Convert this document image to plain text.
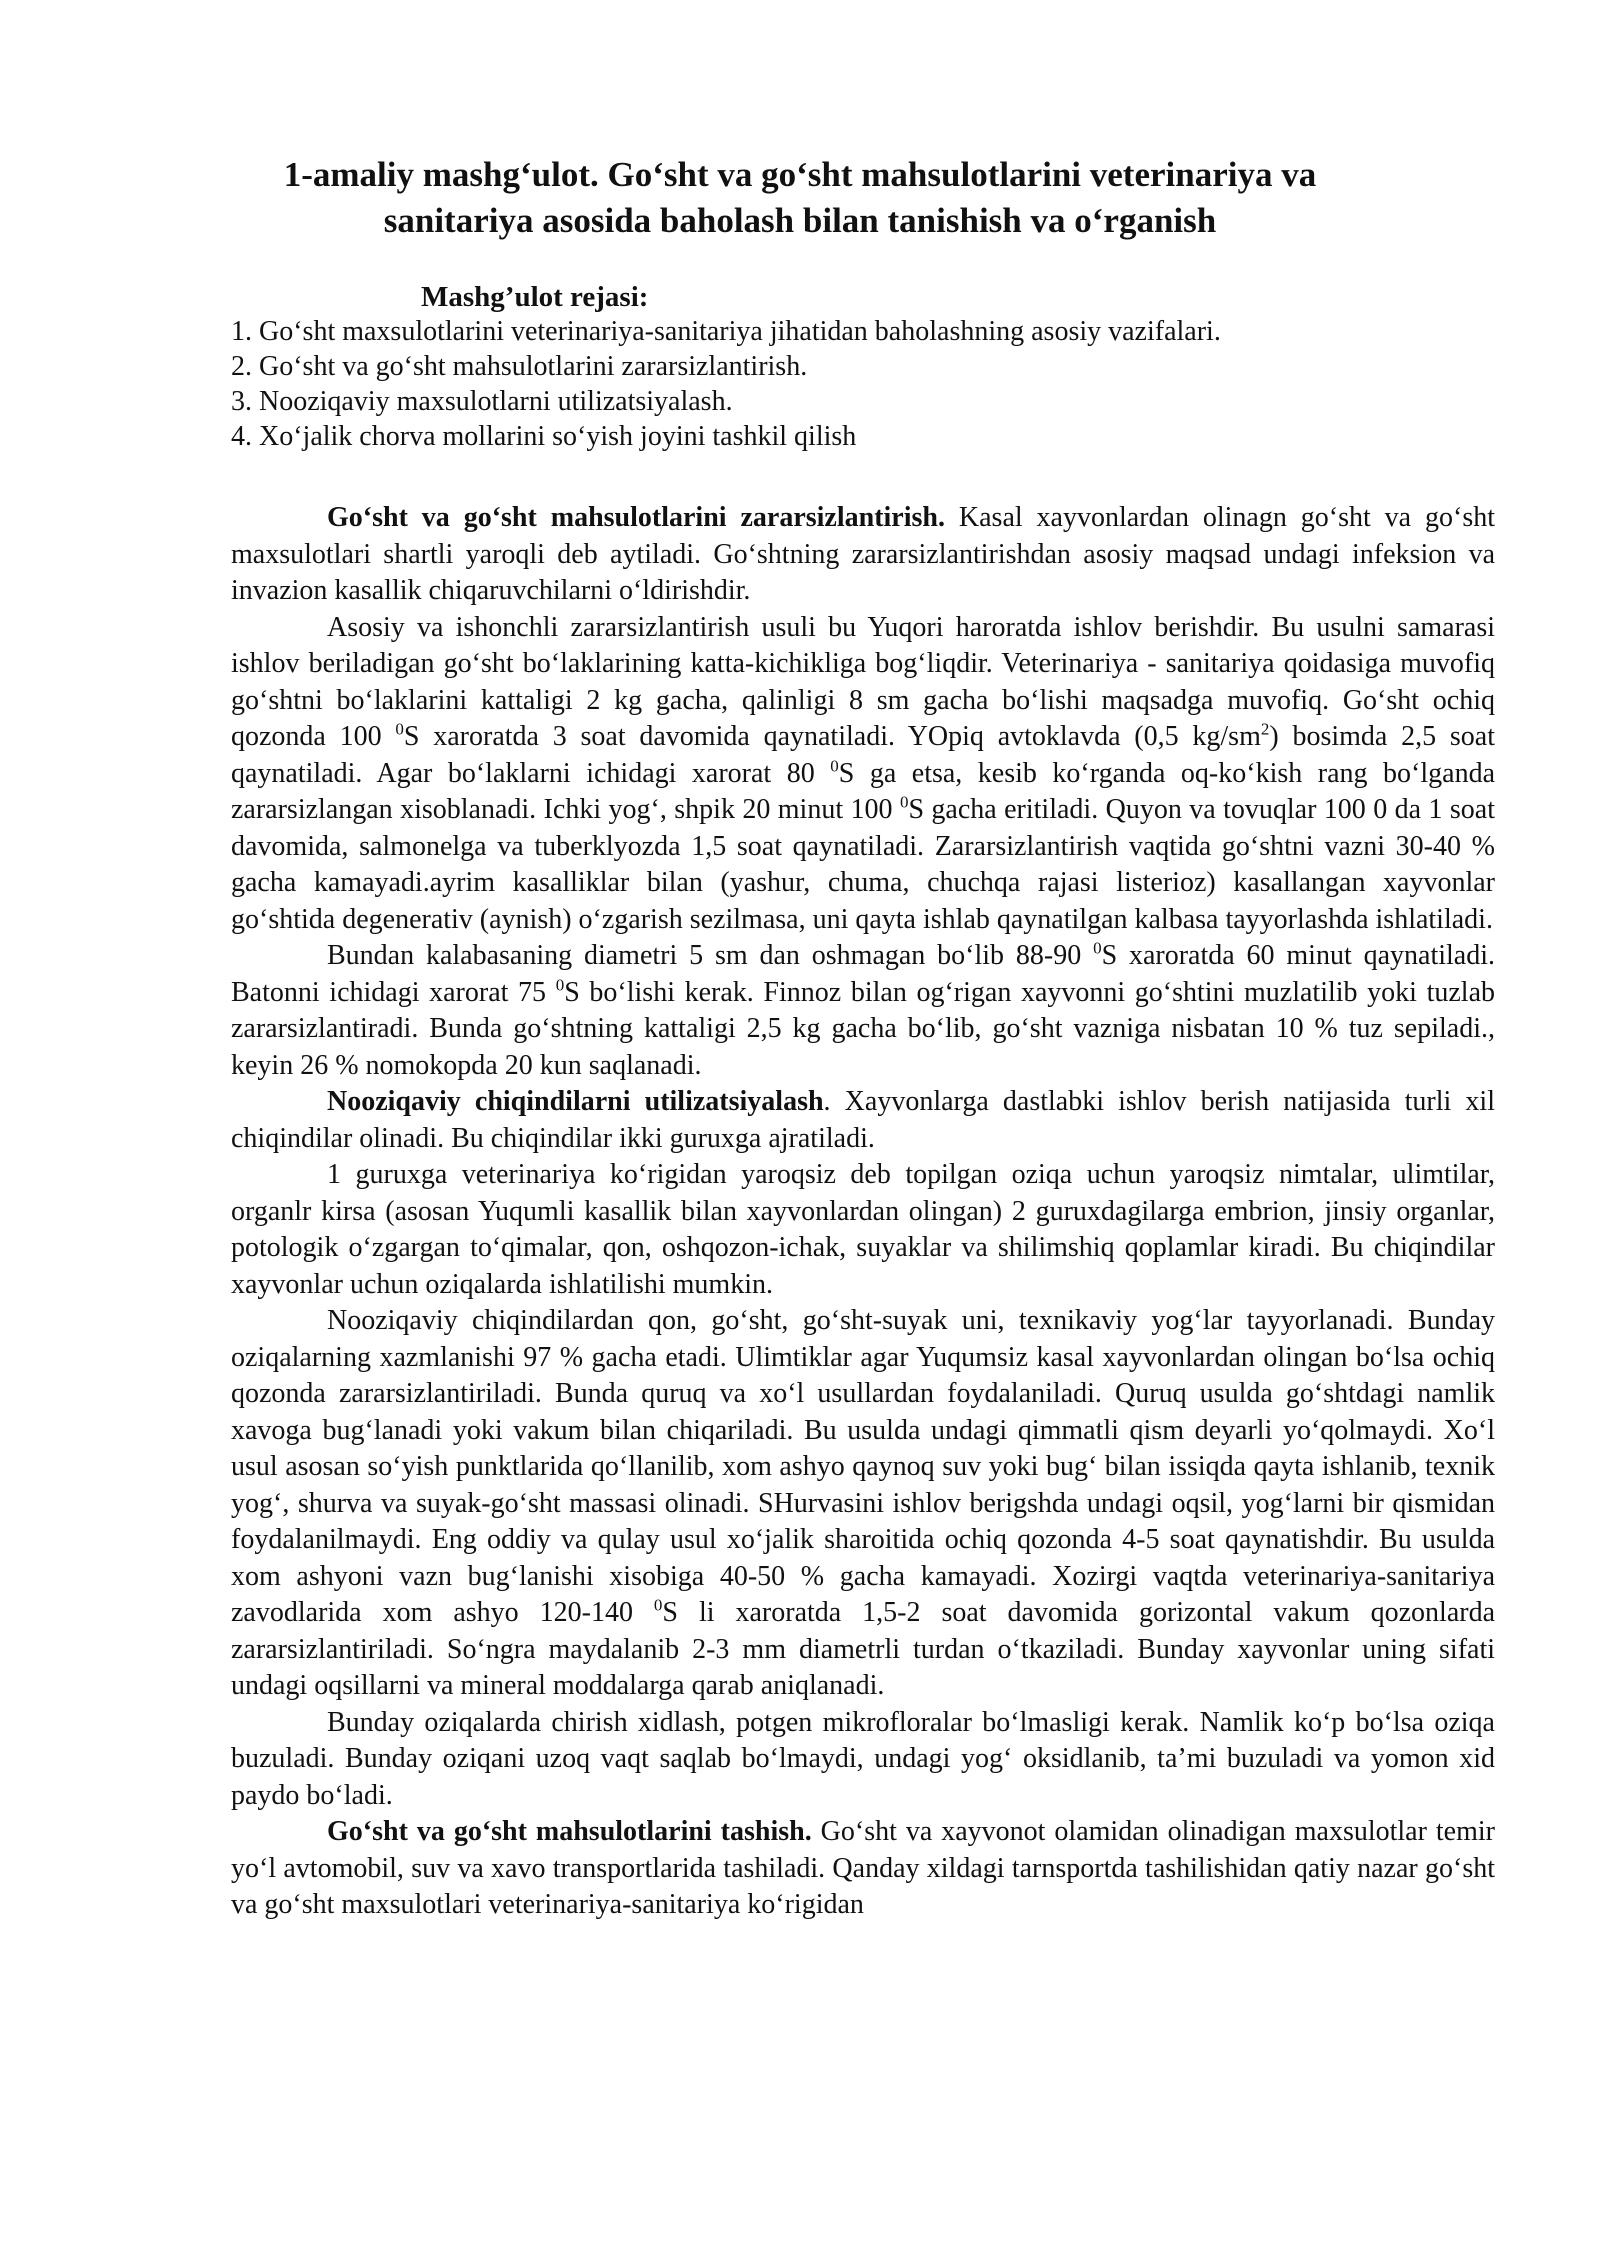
1-amaliy mashg‘ulot. Go‘sht va go‘sht mahsulotlarini veterinariya va sanitariya asosida baholash bilan tanishish va o‘rganish
Mashg’ulot rejasi:
1. Go‘sht maxsulotlarini veterinariya-sanitariya jihatidan baholashning asosiy vazifalari.
2. Go‘sht va go‘sht mahsulotlarini zararsizlantirish.
3. Nooziqaviy maxsulotlarni utilizatsiyalash.
4. Xo‘jalik chorva mollarini so‘yish joyini tashkil qilish

Go‘sht va go‘sht mahsulotlarini zararsizlantirish. Kasal xayvonlardan olinagn go‘sht va go‘sht maxsulotlari shartli yaroqli deb aytiladi. Go‘shtning zararsizlantirishdan asosiy maqsad undagi infeksion va invazion kasallik chiqaruvchilarni o‘ldirishdir.

Asosiy va ishonchli zararsizlantirish usuli bu Yuqori haroratda ishlov berishdir. Bu usulni samarasi ishlov beriladigan go‘sht bo‘laklarining katta-kichikliga bog‘liqdir. Veterinariya - sanitariya qoidasiga muvofiq go‘shtni bo‘laklarini kattaligi 2 kg gacha, qalinligi 8 sm gacha bo‘lishi maqsadga muvofiq. Go‘sht ochiq qozonda 100 $^0$S xaroratda 3 soat davomida qaynatiladi. YOpiq avtoklavda (0,5 $kg/sm^2$) bosimda 2,5 soat qaynatiladi. Agar bo‘laklarni ichidagi xarorat 80 $^0$S ga etsa, kesib ko‘rganda oq-ko‘kish rang bo‘lganda zararsizlangan xisoblanadi. Ichki yog‘, shpik 20 minut 100 $^0$S gacha eritiladi. Quyon va tovuqlar 100 0 da 1 soat davomida, salmonelga va tuberklyozda 1,5 soat qaynatiladi. Zararsizlantirish vaqtida go‘shtni vazni 30-40 % gacha kamayadi.ayrim kasalliklar bilan (yashur, chuma, chuchqa rajasi listerioz) kasallangan xayvonlar go‘shtida degenerativ (aynish) o‘zgarish sezilmasa, uni qayta ishlab qaynatilgan kalbasa tayyorlashda ishlatiladi.

Bundan kalabasaning diametri 5 sm dan oshmagan bo‘lib 88-90 $^0$S xaroratda 60 minut qaynatiladi. Batonni ichidagi xarorat 75 $^0$S bo‘lishi kerak. Finnoz bilan og‘rigan xayvonni go‘shtini muzlatilib yoki tuzlab zararsizlantiradi. Bunda go‘shtning kattaligi 2,5 kg gacha bo‘lib, go‘sht vazniga nisbatan 10 % tuz sepiladi., keyin 26 % nomokopda 20 kun saqlanadi.

Nooziqaviy chiqindilarni utilizatsiyalash. Xayvonlarga dastlabki ishlov berish natijasida turli xil chiqindilar olinadi. Bu chiqindilar ikki guruxga ajratiladi.

1 guruxga veterinariya ko‘rigidan yaroqsiz deb topilgan oziqa uchun yaroqsiz nimtalar, ulimtilar, organlr kirsa (asosan Yuqumli kasallik bilan xayvonlardan olingan) 2 guruxdagilarga embrion, jinsiy organlar, potologik o‘zgargan to‘qimalar, qon, oshqozon-ichak, suyaklar va shilimshiq qoplamlar kiradi. Bu chiqindilar xayvonlar uchun oziqalarda ishlatilishi mumkin.

Nooziqaviy chiqindilardan qon, go‘sht, go‘sht-suyak uni, texnikaviy yog‘lar tayyorlanadi. Bunday oziqalarning xazmlanishi 97 % gacha etadi. Ulimtiklar agar Yuqumsiz kasal xayvonlardan olingan bo‘lsa ochiq qozonda zararsizlantiriladi. Bunda quruq va xo‘l usullardan foydalaniladi. Quruq usulda go‘shtdagi namlik xavoga bug‘lanadi yoki vakum bilan chiqariladi. Bu usulda undagi qimmatli qism deyarli yo‘qolmaydi. Xo‘l usul asosan so‘yish punktlarida qo‘llanilib, xom ashyo qaynoq suv yoki bug‘ bilan issiqda qayta ishlanib, texnik yog‘, shurva va suyak-go‘sht massasi olinadi. SHurvasini ishlov berigshda undagi oqsil, yog‘larni bir qismidan foydalanilmaydi. Eng oddiy va qulay usul xo‘jalik sharoitida ochiq qozonda 4-5 soat qaynatishdir. Bu usulda xom ashyoni vazn bug‘lanishi xisobiga 40-50 % gacha kamayadi. Xozirgi vaqtda veterinariya-sanitariya zavodlarida xom ashyo 120-140 $^0$S li xaroratda 1,5-2 soat davomida gorizontal vakum qozonlarda zararsizlantiriladi. So‘ngra maydalanib 2-3 mm diametrli turdan o‘tkaziladi. Bunday xayvonlar uning sifati undagi oqsillarni va mineral moddalarga qarab aniqlanadi.

Bunday oziqalarda chirish xidlash, potgen mikrofloralar bo‘lmasligi kerak. Namlik ko‘p bo‘lsa oziqa buzuladi. Bunday oziqani uzoq vaqt saqlab bo‘lmaydi, undagi yog‘ oksidlanib, ta’mi buzuladi va yomon xid paydo bo‘ladi.

Go‘sht va go‘sht mahsulotlarini tashish. Go‘sht va xayvonot olamidan olinadigan maxsulotlar temir yo‘l avtomobil, suv va xavo transportlarida tashiladi. Qanday xildagi tarnsportda tashilishidan qatiy nazar go‘sht va go‘sht maxsulotlari veterinariya-sanitariya ko‘rigidan
